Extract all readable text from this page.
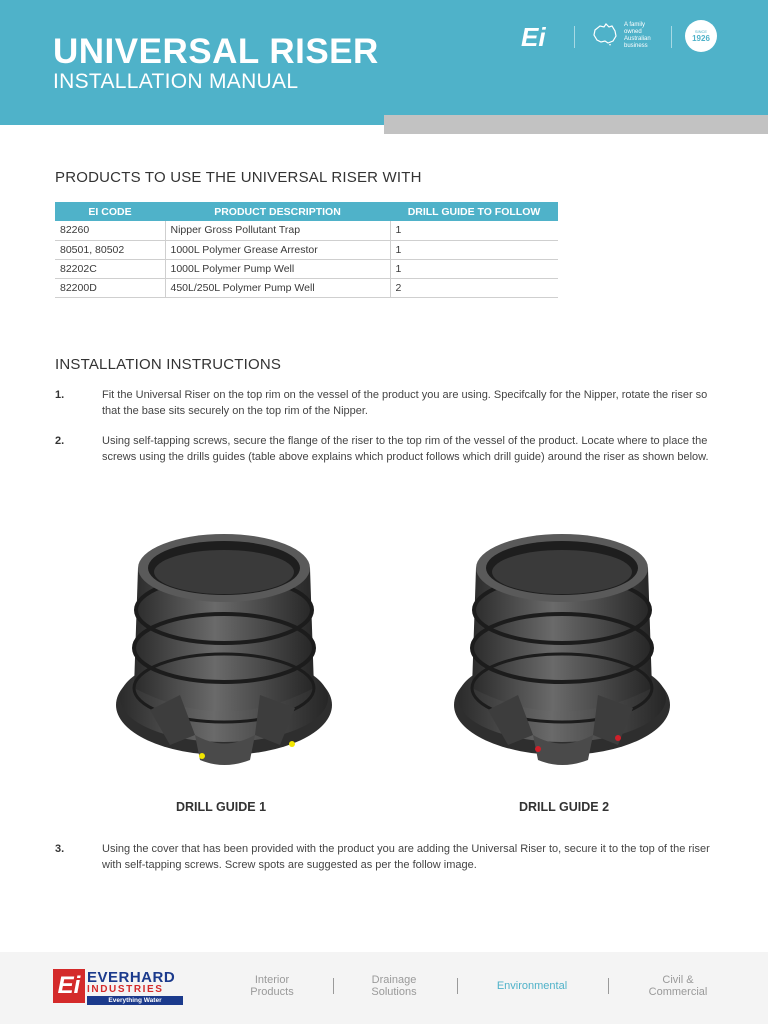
UNIVERSAL RISER
INSTALLATION MANUAL
Ei	A family
owned
Australian
business
SINCE
1926
PRODUCTS TO USE THE UNIVERSAL RISER WITH
EI CODE	PRODUCT DESCRIPTION	DRILL GUIDE TO FOLLOW
82260	Nipper Gross Pollutant Trap	1
80501, 80502	1000L Polymer Grease Arrestor	1
82202C	1000L Polymer Pump Well	1
82200D	450L/250L Polymer Pump Well	2
INSTALLATION INSTRUCTIONS
1.	Fit the Universal Riser on the top rim on the vessel of the product you are using. Specifcally for the Nipper, rotate the riser so that the base sits securely on the top rim of the Nipper.
2.	Using self-tapping screws, secure the flange of the riser to the top rim of the vessel of the product. Locate where to place the screws using the drills guides (table above explains which product follows which drill guide) around the riser as shown below.
DRILL GUIDE 1	DRILL GUIDE 2
3.	Using the cover that has been provided with the product you are adding the Universal Riser to, secure it to the top of the riser with self-tapping screws. Screw spots are suggested as per the follow image.
Ei EVERHARD
INDUSTRIES
Everything Water
Interior
Products
Drainage
Solutions	Environmental	Civil &
Commercial
